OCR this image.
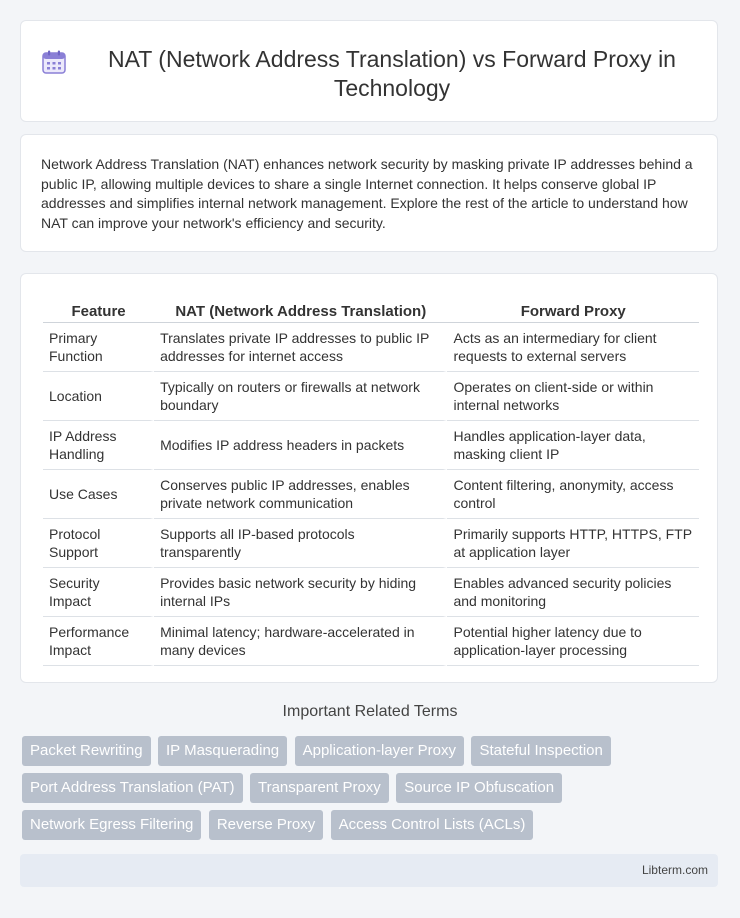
NAT (Network Address Translation) vs Forward Proxy in Technology

Network Address Translation (NAT) enhances network security by masking private IP addresses behind a public IP, allowing multiple devices to share a single Internet connection. It helps conserve global IP addresses and simplifies internal network management. Explore the rest of the article to understand how NAT can improve your network's efficiency and security.

Feature	NAT (Network Address Translation)	Forward Proxy
Primary Function	Translates private IP addresses to public IP addresses for internet access	Acts as an intermediary for client requests to external servers
Location	Typically on routers or firewalls at network boundary	Operates on client-side or within internal networks
IP Address Handling	Modifies IP address headers in packets	Handles application-layer data, masking client IP
Use Cases	Conserves public IP addresses, enables private network communication	Content filtering, anonymity, access control
Protocol Support	Supports all IP-based protocols transparently	Primarily supports HTTP, HTTPS, FTP at application layer
Security Impact	Provides basic network security by hiding internal IPs	Enables advanced security policies and monitoring
Performance Impact	Minimal latency; hardware-accelerated in many devices	Potential higher latency due to application-layer processing
Important Related Terms
Packet Rewriting IP Masquerading Application-layer Proxy Stateful Inspection Port Address Translation (PAT) Transparent Proxy Source IP Obfuscation Network Egress Filtering Reverse Proxy Access Control Lists (ACLs)
Libterm.com
